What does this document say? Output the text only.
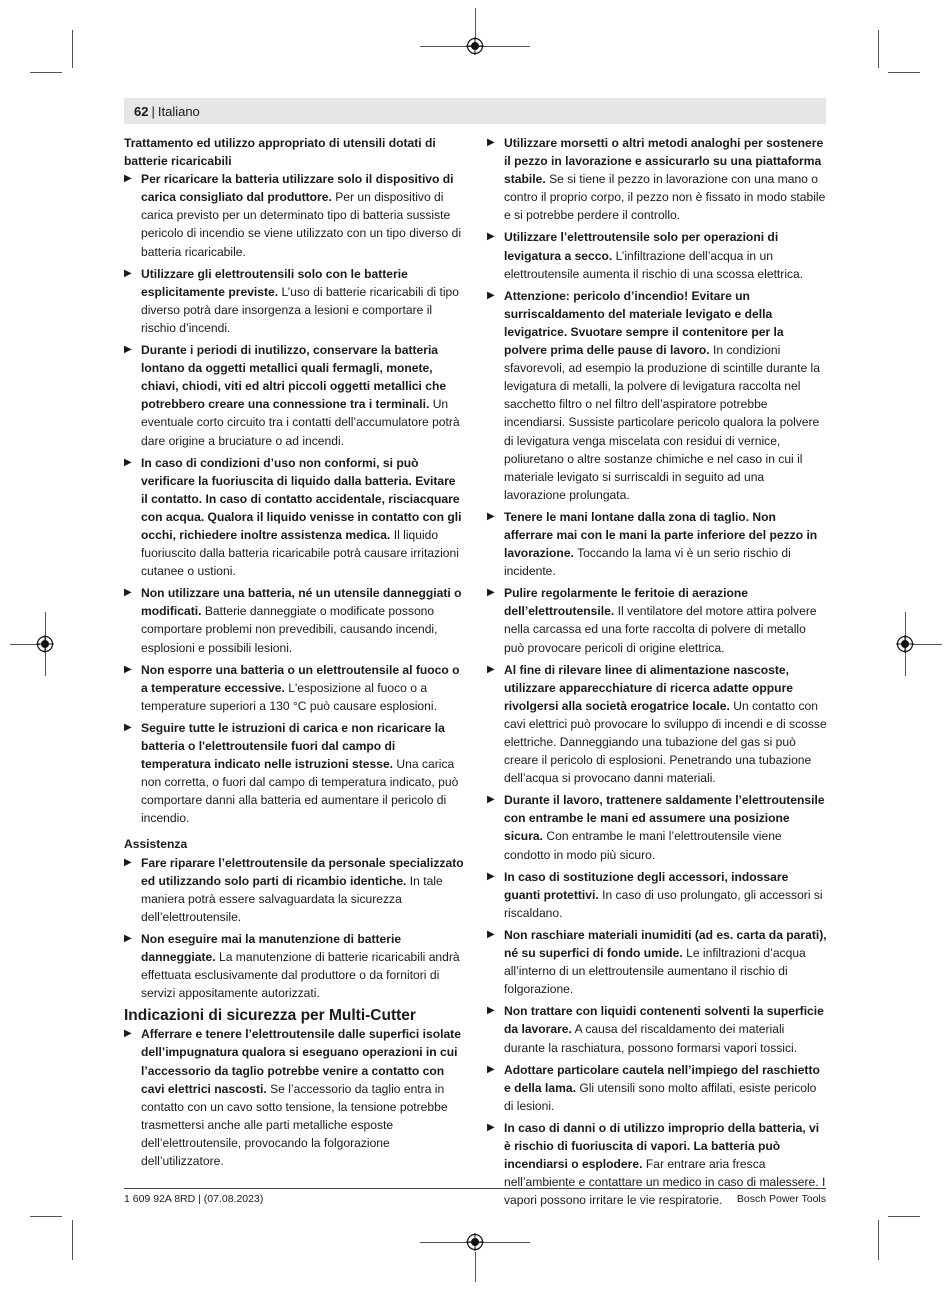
62 | Italiano

Trattamento ed utilizzo appropriato di utensili dotati di batterie ricaricabili

▶ Per ricaricare la batteria utilizzare solo il dispositivo di carica consigliato dal produttore. Per un dispositivo di carica previsto per un determinato tipo di batteria sussiste pericolo di incendio se viene utilizzato con un tipo diverso di batteria ricaricabile.

▶ Utilizzare gli elettroutensili solo con le batterie esplicitamente previste. L’uso di batterie ricaricabili di tipo diverso potrà dare insorgenza a lesioni e comportare il rischio d’incendi.

▶ Durante i periodi di inutilizzo, conservare la batteria lontano da oggetti metallici quali fermagli, monete, chiavi, chiodi, viti ed altri piccoli oggetti metallici che potrebbero creare una connessione tra i terminali. Un eventuale corto circuito tra i contatti dell’accumulatore potrà dare origine a bruciature o ad incendi.

▶ In caso di condizioni d’uso non conformi, si può verificare la fuoriuscita di liquido dalla batteria. Evitare il contatto. In caso di contatto accidentale, risciacquare con acqua. Qualora il liquido venisse in contatto con gli occhi, richiedere inoltre assistenza medica. Il liquido fuoriuscito dalla batteria ricaricabile potrà causare irritazioni cutanee o ustioni.

▶ Non utilizzare una batteria, né un utensile danneggiati o modificati. Batterie danneggiate o modificate possono comportare problemi non prevedibili, causando incendi, esplosioni e possibili lesioni.

▶ Non esporre una batteria o un elettroutensile al fuoco o a temperature eccessive. L'esposizione al fuoco o a temperature superiori a 130 °C può causare esplosioni.

▶ Seguire tutte le istruzioni di carica e non ricaricare la batteria o l'elettroutensile fuori dal campo di temperatura indicato nelle istruzioni stesse. Una carica non corretta, o fuori dal campo di temperatura indicato, può comportare danni alla batteria ed aumentare il pericolo di incendio.

Assistenza

▶ Fare riparare l’elettroutensile da personale specializzato ed utilizzando solo parti di ricambio identiche. In tale maniera potrà essere salvaguardata la sicurezza dell’elettroutensile.

▶ Non eseguire mai la manutenzione di batterie danneggiate. La manutenzione di batterie ricaricabili andrà effettuata esclusivamente dal produttore o da fornitori di servizi appositamente autorizzati.

Indicazioni di sicurezza per Multi-Cutter

▶ Afferrare e tenere l’elettroutensile dalle superfici isolate dell’impugnatura qualora si eseguano operazioni in cui l’accessorio da taglio potrebbe venire a contatto con cavi elettrici nascosti. Se l’accessorio da taglio entra in contatto con un cavo sotto tensione, la tensione potrebbe trasmettersi anche alle parti metalliche esposte dell’elettroutensile, provocando la folgorazione dell’utilizzatore.

▶ Utilizzare morsetti o altri metodi analoghi per sostenere il pezzo in lavorazione e assicurarlo su una piattaforma stabile. Se si tiene il pezzo in lavorazione con una mano o contro il proprio corpo, il pezzo non è fissato in modo stabile e si potrebbe perdere il controllo.

▶ Utilizzare l’elettroutensile solo per operazioni di levigatura a secco. L’infiltrazione dell’acqua in un elettroutensile aumenta il rischio di una scossa elettrica.

▶ Attenzione: pericolo d’incendio! Evitare un surriscaldamento del materiale levigato e della levigatrice. Svuotare sempre il contenitore per la polvere prima delle pause di lavoro. In condizioni sfavorevoli, ad esempio la produzione di scintille durante la levigatura di metalli, la polvere di levigatura raccolta nel sacchetto filtro o nel filtro dell’aspiratore potrebbe incendiarsi. Sussiste particolare pericolo qualora la polvere di levigatura venga miscelata con residui di vernice, poliuretano o altre sostanze chimiche e nel caso in cui il materiale levigato si surriscaldi in seguito ad una lavorazione prolungata.

▶ Tenere le mani lontane dalla zona di taglio. Non afferrare mai con le mani la parte inferiore del pezzo in lavorazione. Toccando la lama vi è un serio rischio di incidente.

▶ Pulire regolarmente le feritoie di aerazione dell’elettroutensile. Il ventilatore del motore attira polvere nella carcassa ed una forte raccolta di polvere di metallo può provocare pericoli di origine elettrica.

▶ Al fine di rilevare linee di alimentazione nascoste, utilizzare apparecchiature di ricerca adatte oppure rivolgersi alla società erogatrice locale. Un contatto con cavi elettrici può provocare lo sviluppo di incendi e di scosse elettriche. Danneggiando una tubazione del gas si può creare il pericolo di esplosioni. Penetrando una tubazione dell’acqua si provocano danni materiali.

▶ Durante il lavoro, trattenere saldamente l’elettroutensile con entrambe le mani ed assumere una posizione sicura. Con entrambe le mani l’elettroutensile viene condotto in modo più sicuro.

▶ In caso di sostituzione degli accessori, indossare guanti protettivi. In caso di uso prolungato, gli accessori si riscaldano.

▶ Non raschiare materiali inumiditi (ad es. carta da parati), né su superfici di fondo umide. Le infiltrazioni d’acqua all’interno di un elettroutensile aumentano il rischio di folgorazione.

▶ Non trattare con liquidi contenenti solventi la superficie da lavorare. A causa del riscaldamento dei materiali durante la raschiatura, possono formarsi vapori tossici.

▶ Adottare particolare cautela nell’impiego del raschietto e della lama. Gli utensili sono molto affilati, esiste pericolo di lesioni.

▶ In caso di danni o di utilizzo improprio della batteria, vi è rischio di fuoriuscita di vapori. La batteria può incendiarsi o esplodere. Far entrare aria fresca nell’ambiente e contattare un medico in caso di malessere. I vapori possono irritare le vie respiratorie.

1 609 92A 8RD | (07.08.2023)	Bosch Power Tools
